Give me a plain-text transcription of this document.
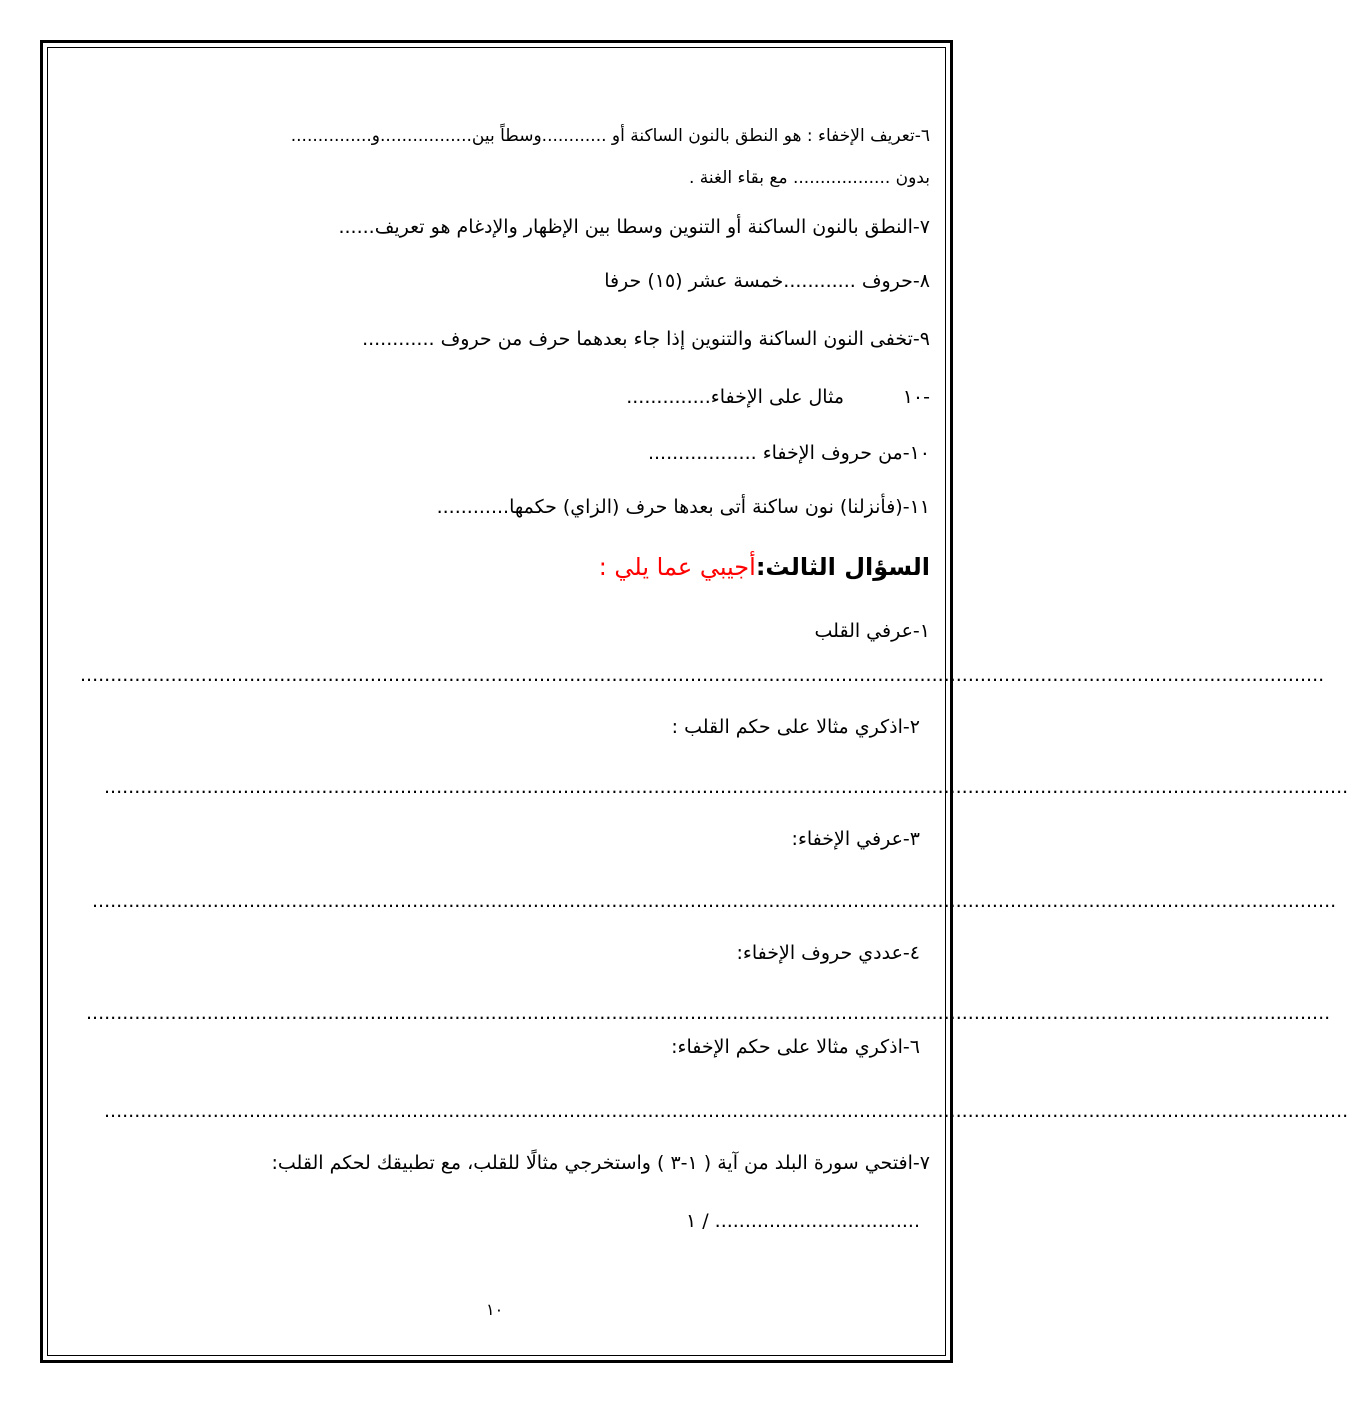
٦-تعريف الإخفاء : هو النطق بالنون الساكنة أو ............وسطاً بين.................و...............
بدون .................. مع بقاء الغنة .
٧-النطق بالنون الساكنة أو التنوين وسطا بين الإظهار والإدغام هو تعريف......
٨-حروف ............خمسة عشر (١٥) حرفا
٩-تخفى النون الساكنة والتنوين إذا جاء بعدهما حرف من حروف ............
١٠-
مثال على الإخفاء..............
١٠-من حروف الإخفاء ..................
١١-(فأنزلنا) نون ساكنة أتى بعدها حرف (الزاي) حكمها............
السؤال الثالث:أجيبي عما يلي :
١-عرفي القلب
..............................................................................................................................................................................................................
٢-اذكري مثالا على حكم القلب :
..............................................................................................................................................................................................................
٣-عرفي الإخفاء:
..............................................................................................................................................................................................................
٤-عددي حروف الإخفاء:
..............................................................................................................................................................................................................
٦-اذكري مثالا على حكم الإخفاء:
..............................................................................................................................................................................................................
٧-افتحي سورة البلد من آية ( ١-٣ ) واستخرجي مثالًا للقلب، مع تطبيقك لحكم القلب:
١ / ..................................
١٠
